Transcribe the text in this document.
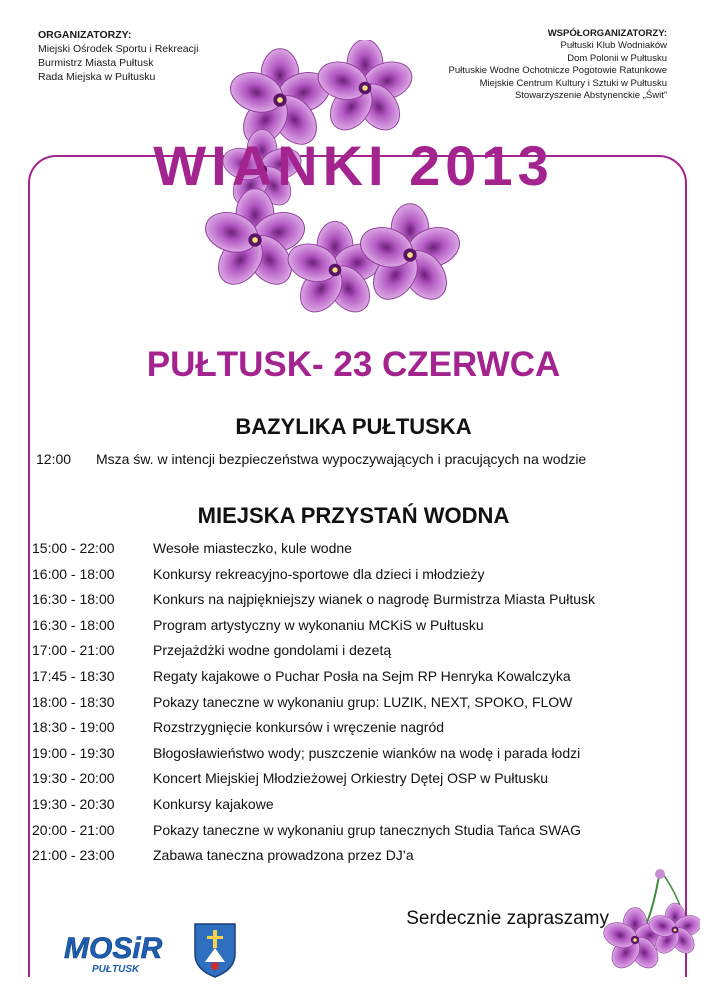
ORGANIZATORZY:
Miejski Ośrodek Sportu i Rekreacji
Burmistrz Miasta Pułtusk
Rada Miejska w Pułtusku
WSPÓŁORGANIZATORZY:
Pułtuski Klub Wodniaków
Dom Polonii w Pułtusku
Pułtuskie Wodne Ochotnicze Pogotowie Ratunkowe
Miejskie Centrum Kultury i Sztuki w Pułtusku
Stowarzyszenie Abstynenckie „Świt”
WIANKI 2013
PUŁTUSK- 23 CZERWCA
BAZYLIKA PUŁTUSKA
12:00 Msza św. w intencji bezpieczeństwa wypoczywających i pracujących na wodzie
MIEJSKA PRZYSTAŃ WODNA
15:00 - 22:00	Wesołe miasteczko, kule wodne
16:00 - 18:00	Konkursy rekreacyjno-sportowe dla dzieci i młodzieży
16:30 - 18:00	Konkurs na najpiękniejszy wianek o nagrodę Burmistrza Miasta Pułtusk
16:30 - 18:00	Program artystyczny w wykonaniu MCKiS w Pułtusku
17:00 - 21:00	Przejażdżki wodne gondolami i dezetą
17:45 - 18:30	Regaty kajakowe o Puchar Posła na Sejm RP Henryka Kowalczyka
18:00 - 18:30	Pokazy taneczne w wykonaniu grup: LUZIK, NEXT, SPOKO, FLOW
18:30 - 19:00	Rozstrzygnięcie konkursów i wręczenie nagród
19:00 - 19:30	Błogosławieństwo wody; puszczenie wianków na wodę i parada łodzi
19:30 - 20:00	Koncert Miejskiej Młodzieżowej Orkiestry Dętej OSP w Pułtusku
19:30 - 20:30	Konkursy kajakowe
20:00 - 21:00	Pokazy taneczne w wykonaniu grup tanecznych Studia Tańca SWAG
21:00 - 23:00	Zabawa taneczna prowadzona przez DJ’a
Serdecznie zapraszamy
MOSiR
PUŁTUSK
